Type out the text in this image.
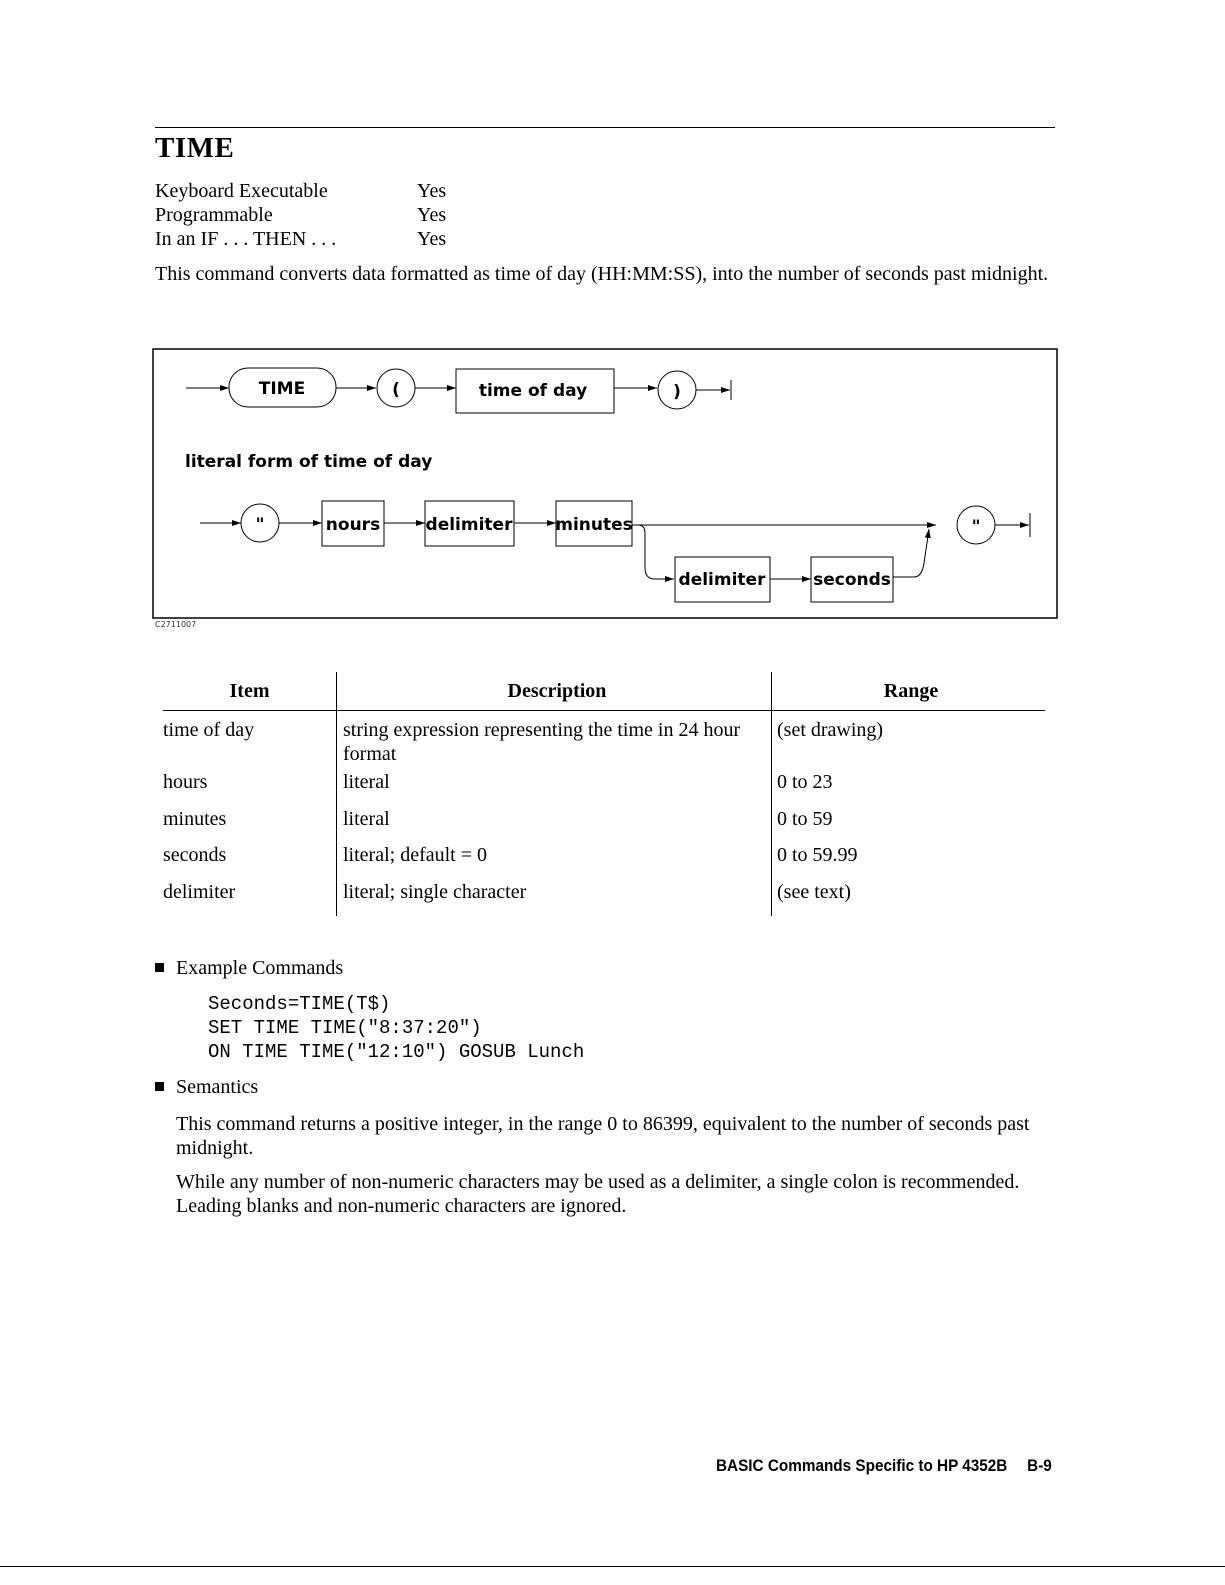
TIME
Keyboard Executable	Yes
Programmable	Yes
In an IF . . . THEN . . .	Yes
This command converts data formatted as time of day (HH:MM:SS), into the number of seconds past midnight.
TIME	(	time of day	)
literal form of time of day
"	nours	delimiter	minutes
delimiter	seconds
"
C2711007
Item	Description	Range
time of day	string expression representing the time in 24 hour format	(set drawing)
hours	literal	0 to 23
minutes	literal	0 to 59
seconds	literal; default = 0	0 to 59.99
delimiter	literal; single character	(see text)
Example Commands
Seconds=TIME(T$)
SET TIME TIME("8:37:20")
ON TIME TIME("12:10") GOSUB Lunch
Semantics
This command returns a positive integer, in the range 0 to 86399, equivalent to the number of seconds past midnight.
While any number of non-numeric characters may be used as a delimiter, a single colon is recommended. Leading blanks and non-numeric characters are ignored.
BASIC Commands Specific to HP 4352B B-9
